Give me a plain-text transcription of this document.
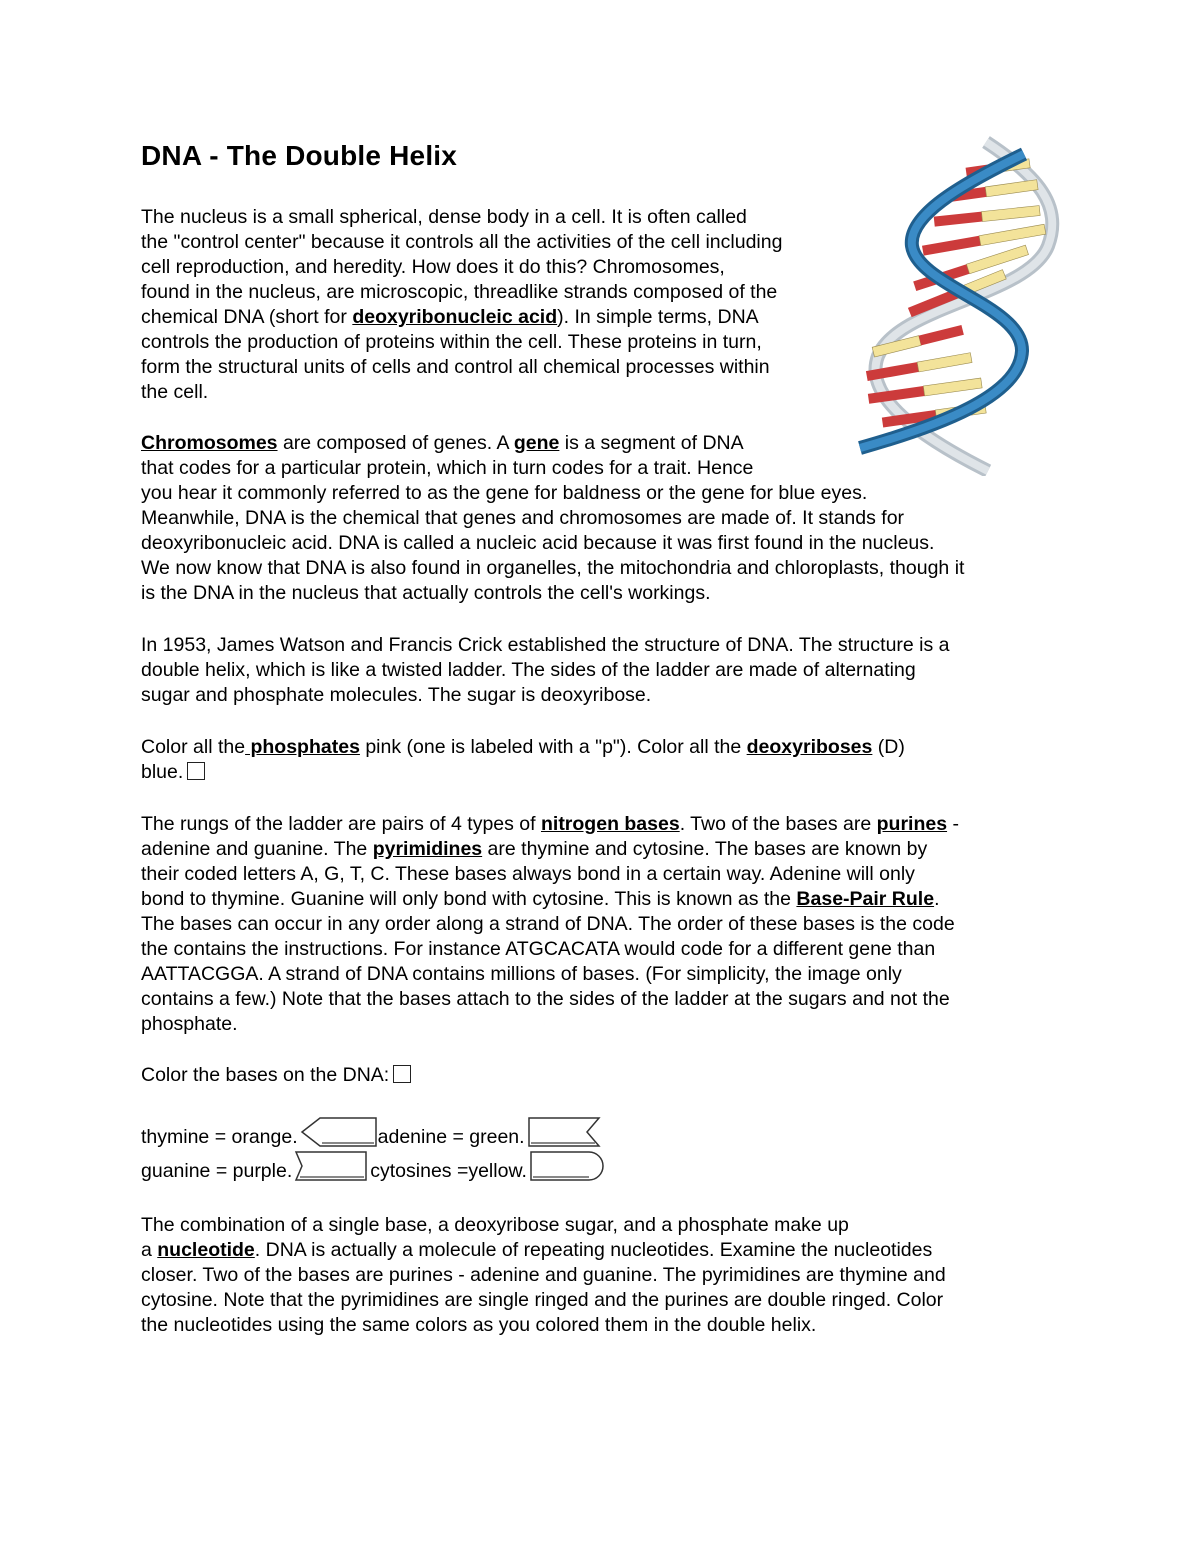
DNA - The Double Helix
The nucleus is a small spherical, dense body in a cell. It is often called
the "control center" because it controls all the activities of the cell including
cell reproduction, and heredity. How does it do this? Chromosomes,
found in the nucleus, are microscopic, threadlike strands composed of the
chemical DNA (short for deoxyribonucleic acid). In simple terms, DNA
controls the production of proteins within the cell. These proteins in turn,
form the structural units of cells and control all chemical processes within
the cell.
Chromosomes are composed of genes. A gene is a segment of DNA
that codes for a particular protein, which in turn codes for a trait. Hence
you hear it commonly referred to as the gene for baldness or the gene for blue eyes.
Meanwhile, DNA is the chemical that genes and chromosomes are made of. It stands for
deoxyribonucleic acid. DNA is called a nucleic acid because it was first found in the nucleus.
We now know that DNA is also found in organelles, the mitochondria and chloroplasts, though it
is the DNA in the nucleus that actually controls the cell's workings.
In 1953, James Watson and Francis Crick established the structure of DNA. The structure is a
double helix, which is like a twisted ladder. The sides of the ladder are made of alternating
sugar and phosphate molecules. The sugar is deoxyribose.
Color all the phosphates pink (one is labeled with a "p"). Color all the deoxyriboses (D)
blue.
The rungs of the ladder are pairs of 4 types of nitrogen bases. Two of the bases are purines -
adenine and guanine. The pyrimidines are thymine and cytosine. The bases are known by
their coded letters A, G, T, C. These bases always bond in a certain way. Adenine will only
bond to thymine. Guanine will only bond with cytosine. This is known as the Base-Pair Rule.
The bases can occur in any order along a strand of DNA. The order of these bases is the code
the contains the instructions. For instance ATGCACATA would code for a different gene than
AATTACGGA. A strand of DNA contains millions of bases. (For simplicity, the image only
contains a few.) Note that the bases attach to the sides of the ladder at the sugars and not the
phosphate.
Color the bases on the DNA:
thymine = orange.	adenine = green.
guanine = purple.	cytosines =yellow.
The combination of a single base, a deoxyribose sugar, and a phosphate make up
a nucleotide. DNA is actually a molecule of repeating nucleotides. Examine the nucleotides
closer. Two of the bases are purines - adenine and guanine. The pyrimidines are thymine and
cytosine. Note that the pyrimidines are single ringed and the purines are double ringed. Color
the nucleotides using the same colors as you colored them in the double helix.
